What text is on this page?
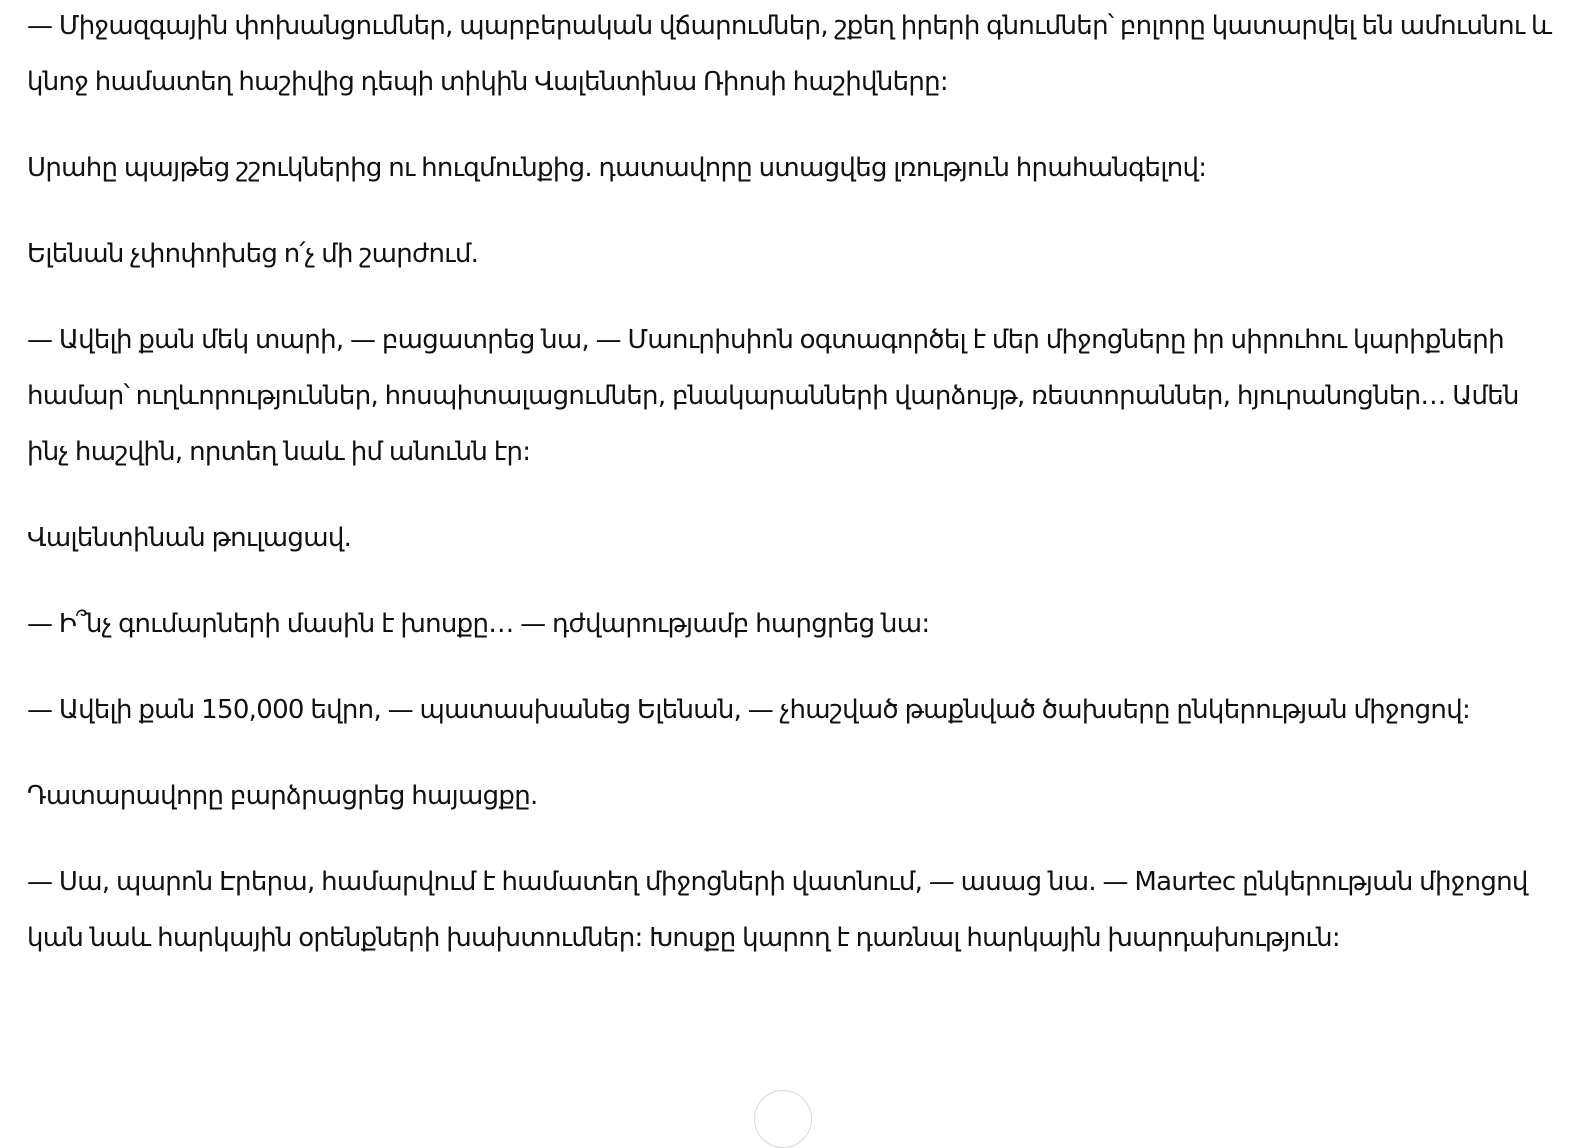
— Միջազգային փոխանցումներ, պարբերական վճարումներ, շքեղ իրերի գնումներ՝ բոլորը կատարվել են ամուսնու և կնոջ համատեղ հաշիվից դեպի տիկին Վալենտինա Ռիոսի հաշիվները:

Սրահը պայթեց շշուկներից ու հուզմունքից. դատավորը ստացվեց լռություն հրահանգելով:

Ելենան չփոփոխեց ո՛չ մի շարժում.

— Ավելի քան մեկ տարի, — բացատրեց նա, — Մաուրիսիոն օգտագործել է մեր միջոցները իր սիրուհու կարիքների համար՝ ուղևորություններ, հոսպիտալացումներ, բնակարանների վարձույթ, ռեստորաններ, հյուրանոցներ… Ամեն ինչ հաշվին, որտեղ նաև իմ անունն էր:

Վալենտինան թուլացավ.

— Ի՞նչ գումարների մասին է խոսքը… — դժվարությամբ հարցրեց նա:

— Ավելի քան 150,000 եվրո, — պատասխանեց Ելենան, — չհաշված թաքնված ծախսերը ընկերության միջոցով:

Դատարավորը բարձրացրեց հայացքը.

— Սա, պարոն Էրերա, համարվում է համատեղ միջոցների վատնում, — ասաց նա. — Maurtec ընկերության միջոցով կան նաև հարկային օրենքների խախտումներ: Խոսքը կարող է դառնալ հարկային խարդախություն:
